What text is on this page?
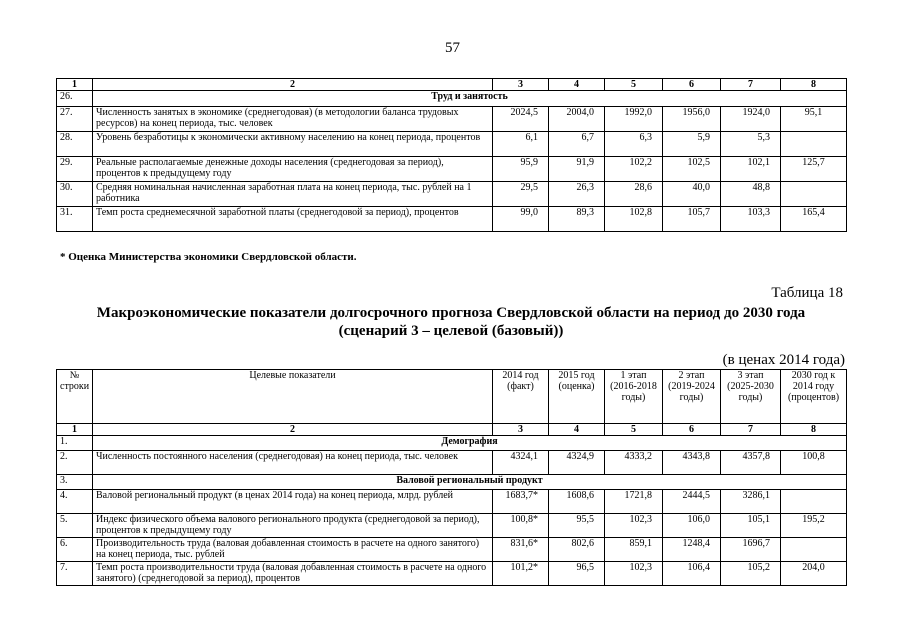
57
1	2	3	4	5	6	7	8
26.	Труд и занятость						
27.	Численность занятых в экономике (среднегодовая) (в методологии баланса трудовых ресурсов) на конец периода, тыс. человек	2024,5	2004,0	1992,0	1956,0	1924,0	95,1
28.	Уровень безработицы к экономически активному населению на конец периода, процентов	6,1	6,7	6,3	5,9	5,3	
29.	Реальные располагаемые денежные доходы населения (среднегодовая за период), процентов к предыдущему году	95,9	91,9	102,2	102,5	102,1	125,7
30.	Средняя номинальная начисленная заработная плата на конец периода, тыс. рублей на 1 работника	29,5	26,3	28,6	40,0	48,8	
31.	Темп роста среднемесячной заработной платы (среднегодовой за период), процентов	99,0	89,3	102,8	105,7	103,3	165,4
* Оценка Министерства экономики Свердловской области.
Таблица 18
Макроэкономические показатели долгосрочного прогноза Свердловской области на период до 2030 года
(сценарий 3 – целевой (базовый))
(в ценах 2014 года)
№ строки	Целевые показатели	2014 год (факт)	2015 год (оценка)	1 этап (2016-2018 годы)	2 этап (2019-2024 годы)	3 этап (2025-2030 годы)	2030 год к 2014 году (процентов)
1	2	3	4	5	6	7	8
1.	Демография						
2.	Численность постоянного населения (среднегодовая) на конец периода, тыс. человек	4324,1	4324,9	4333,2	4343,8	4357,8	100,8
3.	Валовой региональный продукт						
4.	Валовой региональный продукт (в ценах 2014 года) на конец периода, млрд. рублей	1683,7*	1608,6	1721,8	2444,5	3286,1	
5.	Индекс физического объема валового регионального продукта (среднегодовой за период), процентов к предыдущему году	100,8*	95,5	102,3	106,0	105,1	195,2
6.	Производительность труда (валовая добавленная стоимость в расчете на одного занятого) на конец периода, тыс. рублей	831,6*	802,6	859,1	1248,4	1696,7	
7.	Темп роста производительности труда (валовая добавленная стоимость в расчете на одного занятого) (среднегодовой за период), процентов	101,2*	96,5	102,3	106,4	105,2	204,0
